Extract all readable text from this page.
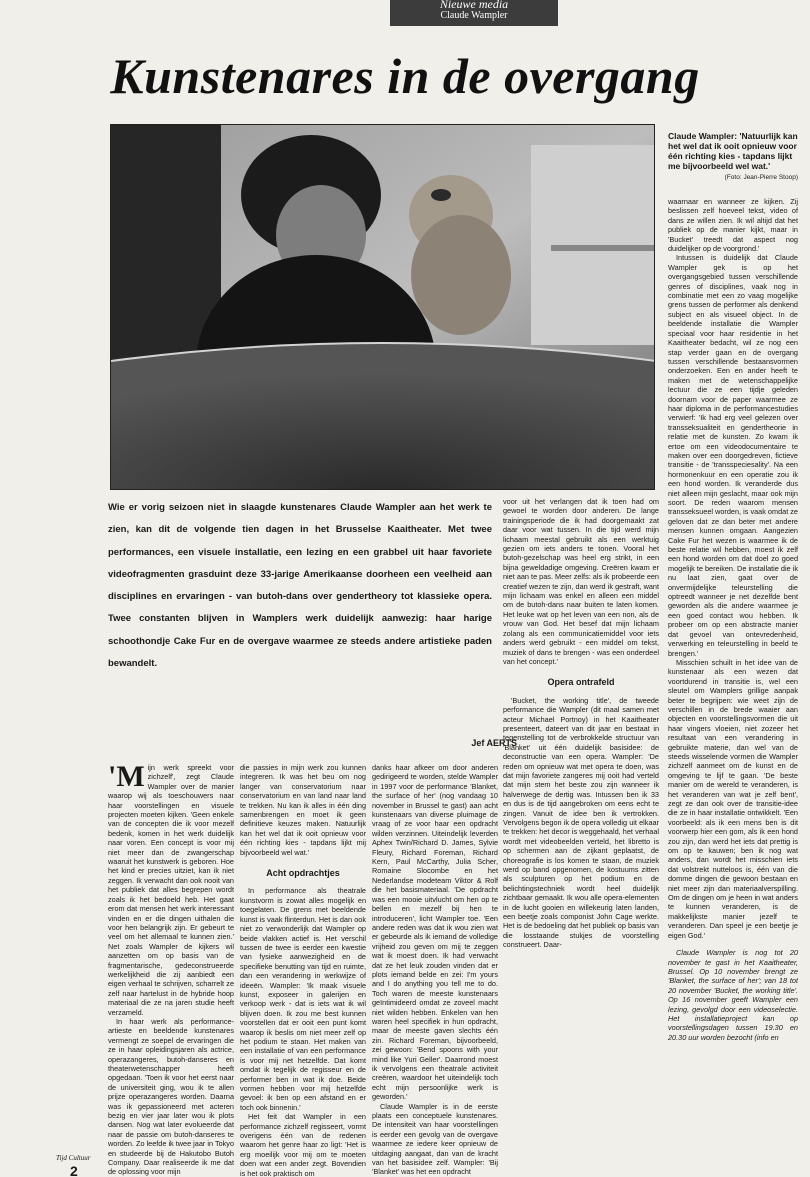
Nieuwe media
Claude Wampler
Kunstenares in de overgang
Claude Wampler: 'Natuurlijk kan het wel dat ik ooit opnieuw voor één richting kies - tapdans lijkt me bijvoorbeeld wel wat.'
(Foto: Jean-Pierre Stoop)

waarnaar en wanneer ze kijken. Zij beslissen zelf hoeveel tekst, video of dans ze willen zien. Ik wil altijd dat het publiek op de manier kijkt, maar in 'Bucket' treedt dat aspect nog duidelijker op de voorgrond.'

Intussen is duidelijk dat Claude Wampler gek is op het overgangsgebied tussen verschillende genres of disciplines, vaak nog in combinatie met een zo vaag mogelijke grens tussen de performer als denkend subject en als visueel object. In de beeldende installatie die Wampler speciaal voor haar residentie in het Kaaitheater bedacht, wil ze nog een stap verder gaan en de overgang tussen verschillende bestaansvormen onderzoeken. Een en ander heeft te maken met de wetenschappelijke lectuur die ze een tijdje geleden doornam voor de paper waarmee ze haar diploma in de performancestudies verwierf: 'Ik had erg veel gelezen over transseksualiteit en gendertheorie in relatie met de kunsten. Zo kwam ik ertoe om een videodocumentaire te maken over een doorgedreven, fictieve transitie - de 'transspeciesality'. Na een hormonenkuur en een operatie zou ik een hond worden. Ik veranderde dus niet alleen mijn geslacht, maar ook mijn soort. De reden waarom mensen transseksueel worden, is vaak omdat ze geloven dat ze dan beter met andere mensen kunnen omgaan. Aangezien Cake Fur het wezen is waarmee ik de beste relatie wil hebben, moest ik zelf een hond worden om dat doel zo goed mogelijk te bereiken. De installatie die ik nu laat zien, gaat over de onvermijdelijke teleurstelling die optreedt wanneer je net dezelfde bent geworden als die andere waarmee je een goed contact wou hebben. Ik probeer om op een abstracte manier dat gevoel van ontevredenheid, verwerking en teleurstelling in beeld te brengen.'

Misschien schuilt in het idee van de kunstenaar als een wezen dat voortdurend in transitie is, wel een sleutel om Wamplers grillige aanpak beter te begrijpen: wie weet zijn de verschillen in de brede waaier aan objecten en voorstellingsvormen die uit haar vingers vloeien, niet zozeer het resultaat van een verandering in gebruikte materie, dan wel van de steeds wisselende vormen die Wampler zichzelf aanmeet om de kunst en de omgeving te lijf te gaan. 'De beste manier om de wereld te veranderen, is het veranderen van wat je zelf bent', zegt ze dan ook over de transitie-idee die ze in haar installatie ontwikkelt. 'Een voorbeeld: als ik een mens ben is dit voorwerp hier een gom, als ik een hond zou zijn, dan werd het iets dat prettig is om op te kauwen; ben ik nog wat anders, dan wordt het misschien iets dat volstrekt nutteloos is, één van die domme dingen die gewoon bestaan en niet meer zijn dan materiaalverspilling. Om de dingen om je heen in wat anders te kunnen veranderen, is de makkelijkste manier jezelf te veranderen. Dan speel je een beetje je eigen God.'

Claude Wampler is nog tot 20 november te gast in het Kaaitheater, Brussel. Op 10 november brengt ze 'Blanket, the surface of her'; van 18 tot 20 november 'Bucket, the working title'. Op 16 november geeft Wampler een lezing, gevolgd door een videoselectie. Het installatieproject kan op voorstellingsdagen tussen 19.30 en 20.30 uur worden bezocht (info en

Wie er vorig seizoen niet in slaagde kunstenares Claude Wampler aan het werk te zien, kan dit de volgende tien dagen in het Brusselse Kaaitheater. Met twee performances, een visuele installatie, een lezing en een grabbel uit haar favoriete videofragmenten grasduint deze 33-jarige Amerikaanse doorheen een veelheid aan disciplines en ervaringen - van butoh-dans over gendertheory tot klassieke opera. Twee constanten blijven in Wamplers werk duidelijk aanwezig: haar harige schoothondje Cake Fur en de overgave waarmee ze steeds andere artistieke paden bewandelt.
Jef AERTS

voor uit het verlangen dat ik toen had om gewoel te worden door anderen. De lange trainingsperiode die ik had doorgemaakt zat daar voor wat tussen. In die tijd werd mijn lichaam meestal gebruikt als een werktuig gezien om iets anders te tonen. Vooral het butoh-gezelschap was heel erg strikt, in een bijna geweldadige omgeving. Creëren kwam er niet aan te pas. Meer zelfs: als ik probeerde een creatief wezen te zijn, dan werd ik gestraft, want mijn lichaam was enkel en alleen een middel om de butoh-dans naar buiten te laten komen. Het leuke wat op het leven van een non, als de vrouw van God. Het besef dat mijn lichaam zolang als een communicatiemiddel voor iets anders werd gebruikt - een middel om tekst, muziek of dans te brengen - was een onderdeel van het concept.'

Opera ontrafeld

'Bucket, the working title', de tweede performance die Wampler (dit maal samen met acteur Michael Portnoy) in het Kaaitheater presenteert, dateert van dit jaar en bestaat in tegenstelling tot de verbrokkelde structuur van 'Blanket' uit één duidelijk basisidee: de deconstructie van een opera. Wampler: 'De reden om opnieuw wat met opera te doen, was dat mijn favoriete zangeres mij ooit had verteld dat mijn stem het beste zou zijn wanneer ik halverwege de dertig was. Intussen ben ik 33 en dus is de tijd aangebroken om eens echt te zingen. Vanuit de idee ben ik vertrokken. Vervolgens begon ik de opera volledig uit elkaar te trekken: het decor is weggehaald, het verhaal wordt met videobeelden verteld, het libretto is op schermen aan de zijkant geplaatst, de choreografie is los komen te staan, de muziek werd op band opgenomen, de kostuums zitten als sculpturen op het podium en de belichtingstechniek wordt heel duidelijk zichtbaar gemaakt. Ik wou alle opera-elementen in de lucht gooien en willekeurig laten landen, een beetje zoals componist John Cage werkte. Het is de bedoeling dat het publiek op basis van die losstaande stukjes de voorstelling construeert. Daar-

'Mijn werk spreekt voor zichzelf', zegt Claude Wampler over de manier waarop wij als toeschouwers naar haar voorstellingen en visuele projecten moeten kijken. 'Geen enkele van de concepten die ik voor mezelf bedenk, komen in het werk duidelijk naar voren. Een concept is voor mij niet meer dan de zwangerschap waaruit het kunstwerk is geboren. Hoe het kind er precies uitziet, kan ik niet zeggen. Ik verwacht dan ook nooit van het publiek dat alles begrepen wordt zoals ik het bedoeld heb. Het gaat erom dat mensen het werk interessant vinden en er die dingen uithalen die voor hen belangrijk zijn. Er gebeurt te veel om het allemaal te kunnen zien.' Net zoals Wampler de kijkers wil aanzetten om op basis van de fragmentarische, gedeconstrueerde werkelijkheid die zij aanbiedt een eigen verhaal te schrijven, scharrelt ze zelf naar hartelust in de hybride hoop materiaal die ze na jaren studie heeft verzameld.

In haar werk als performance-artieste en beeldende kunstenares vermengt ze soepel de ervaringen die ze in haar opleidingsjaren als actrice, operazangeres, butoh-danseres en theaterwetenschapper heeft opgedaan. 'Toen ik voor het eerst naar de universiteit ging, wou ik te allen prijze operazangeres worden. Daarna was ik gepassioneerd met acteren bezig en vier jaar later wou ik plots dansen. Nog wat later evolueerde dat naar de passie om butoh-danseres te worden. Zo leefde ik twee jaar in Tokyo en studeerde bij de Hakutobo Butoh Company. Daar realiseerde ik me dat de oplossing voor mijn

die passies in mijn werk zou kunnen integreren. Ik was het beu om nog langer van conservatorium naar conservatorium en van land naar land te trekken. Nu kan ik alles in één ding samenbrengen en moet ik geen definitieve keuzes maken. Natuurlijk kan het wel dat ik ooit opnieuw voor één richting kies - tapdans lijkt mij bijvoorbeeld wel wat.'

Acht opdrachtjes

In performance als theatrale kunstvorm is zowat alles mogelijk en toegelaten. De grens met beeldende kunst is vaak flinterdun. Het is dan ook niet zo verwonderlijk dat Wampler op beide vlakken actief is. Het verschil tussen de twee is eerder een kwestie van fysieke aanwezigheid en de specifieke benutting van tijd en ruimte, dan een verandering in werkwijze of ideeën. Wampler: 'Ik maak visuele kunst, exposeer in galerijen en verkoop werk - dat is iets wat ik wil blijven doen. Ik zou me best kunnen voorstellen dat er ooit een punt komt waarop ik beslis om niet meer zelf op het podium te staan. Het maken van een installatie of van een performance is voor mij net hetzelfde. Dat komt omdat ik tegelijk de regisseur en de performer ben in wat ik doe. Beide vormen hebben voor mij hetzelfde gevoel: ik ben op een afstand en er toch ook binnenin.'

Het feit dat Wampler in een performance zichzelf regisseert, vormt overigens één van de redenen waarom het genre haar zo ligt: 'Het is erg moeilijk voor mij om te moeten doen wat een ander zegt. Bovendien is het ook praktisch om

danks haar afkeer om door anderen gedirigeerd te worden, stelde Wampler in 1997 voor de performance 'Blanket, the surface of her' (nog vandaag 10 november in Brussel te gast) aan acht kunstenaars van diverse pluimage de vraag of ze voor haar een opdracht wilden verzinnen. Uiteindelijk leverden Aphex Twin/Richard D. James, Sylvie Fleury, Richard Foreman, Richard Kern, Paul McCarthy, Julia Scher, Romaine Slocombe en het Nederlandse modeteam Viktor & Rolf die het basismateriaal. 'De opdracht was een mooie uitvlucht om hen op te bellen en mezelf bij hen te introduceren', licht Wampler toe. 'Een andere reden was dat ik wou zien wat er gebeurde als ik iemand de volledige vrijheid zou geven om mij te zeggen wat ik moest doen. Ik had verwacht dat ze het leuk zouden vinden dat er plots iemand belde en zei: I'm yours and I do anything you tell me to do. Toch waren de meeste kunstenaars geïntimideerd omdat ze zoveel macht niet wilden hebben. Enkelen van hen waren heel specifiek in hun opdracht, maar de meeste gaven slechts één zin. Richard Foreman, bijvoorbeeld, zei gewoon: 'Bend spoons with your mind like Yuri Geller'. Daarrond moest ik vervolgens een theatrale activiteit creëren, waardoor het uiteindelijk toch echt mijn persoonlijke werk is geworden.'

Claude Wampler is in de eerste plaats een conceptuele kunstenares. De intensiteit van haar voorstellingen is eerder een gevolg van de overgave waarmee ze iedere keer opnieuw de uitdaging aangaat, dan van de kracht van het basisidee zelf. Wampler: 'Bij 'Blanket' was het een opdracht

Tijd Cultuur
2
